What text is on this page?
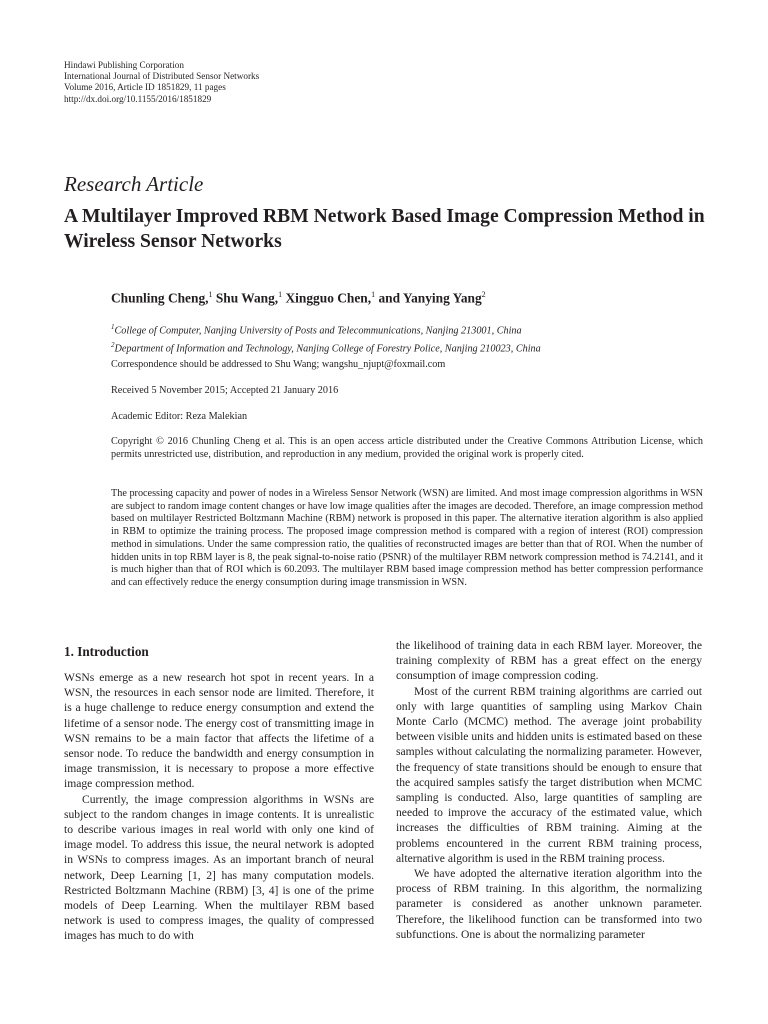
Hindawi Publishing Corporation
International Journal of Distributed Sensor Networks
Volume 2016, Article ID 1851829, 11 pages
http://dx.doi.org/10.1155/2016/1851829
Research Article
A Multilayer Improved RBM Network Based Image Compression Method in Wireless Sensor Networks
Chunling Cheng,$^1$ Shu Wang,$^1$ Xingguo Chen,$^1$ and Yanying Yang$^2$
$^1$College of Computer, Nanjing University of Posts and Telecommunications, Nanjing 213001, China
$^2$Department of Information and Technology, Nanjing College of Forestry Police, Nanjing 210023, China
Correspondence should be addressed to Shu Wang; wangshu_njupt@foxmail.com
Received 5 November 2015; Accepted 21 January 2016
Academic Editor: Reza Malekian
Copyright © 2016 Chunling Cheng et al. This is an open access article distributed under the Creative Commons Attribution License, which permits unrestricted use, distribution, and reproduction in any medium, provided the original work is properly cited.
The processing capacity and power of nodes in a Wireless Sensor Network (WSN) are limited. And most image compression algorithms in WSN are subject to random image content changes or have low image qualities after the images are decoded. Therefore, an image compression method based on multilayer Restricted Boltzmann Machine (RBM) network is proposed in this paper. The alternative iteration algorithm is also applied in RBM to optimize the training process. The proposed image compression method is compared with a region of interest (ROI) compression method in simulations. Under the same compression ratio, the qualities of reconstructed images are better than that of ROI. When the number of hidden units in top RBM layer is 8, the peak signal-to-noise ratio (PSNR) of the multilayer RBM network compression method is 74.2141, and it is much higher than that of ROI which is 60.2093. The multilayer RBM based image compression method has better compression performance and can effectively reduce the energy consumption during image transmission in WSN.
1. Introduction

WSNs emerge as a new research hot spot in recent years. In a WSN, the resources in each sensor node are limited. Therefore, it is a huge challenge to reduce energy consumption and extend the lifetime of a sensor node. The energy cost of transmitting image in WSN remains to be a main factor that affects the lifetime of a sensor node. To reduce the bandwidth and energy consumption in image transmission, it is necessary to propose a more effective image compression method.

Currently, the image compression algorithms in WSNs are subject to the random changes in image contents. It is unrealistic to describe various images in real world with only one kind of image model. To address this issue, the neural network is adopted in WSNs to compress images. As an important branch of neural network, Deep Learning [1, 2] has many computation models. Restricted Boltzmann Machine (RBM) [3, 4] is one of the prime models of Deep Learning. When the multilayer RBM based network is used to compress images, the quality of compressed images has much to do with

the likelihood of training data in each RBM layer. Moreover, the training complexity of RBM has a great effect on the energy consumption of image compression coding.

Most of the current RBM training algorithms are carried out only with large quantities of sampling using Markov Chain Monte Carlo (MCMC) method. The average joint probability between visible units and hidden units is estimated based on these samples without calculating the normalizing parameter. However, the frequency of state transitions should be enough to ensure that the acquired samples satisfy the target distribution when MCMC sampling is conducted. Also, large quantities of sampling are needed to improve the accuracy of the estimated value, which increases the difficulties of RBM training. Aiming at the problems encountered in the current RBM training process, alternative algorithm is used in the RBM training process.

We have adopted the alternative iteration algorithm into the process of RBM training. In this algorithm, the normalizing parameter is considered as another unknown parameter. Therefore, the likelihood function can be transformed into two subfunctions. One is about the normalizing parameter
